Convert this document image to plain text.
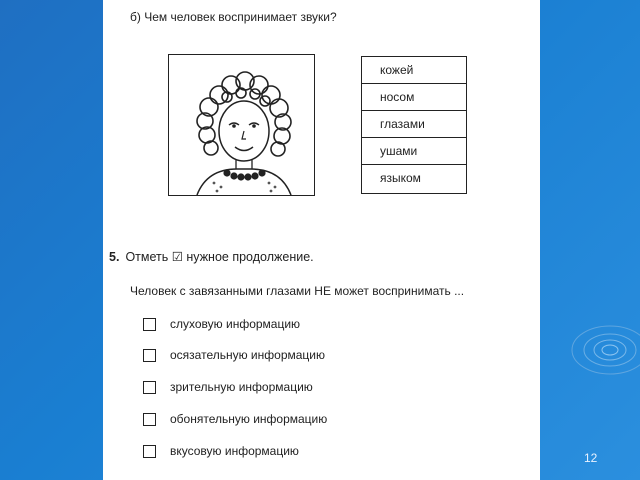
б) Чем человек воспринимает звуки?
кожей
носом
глазами
ушами
языком
5. Отметь ☑ нужное продолжение.
Человек с завязанными глазами НЕ может воспринимать ...
слуховую информацию
осязательную информацию
зрительную информацию
обонятельную информацию
вкусовую информацию	12
